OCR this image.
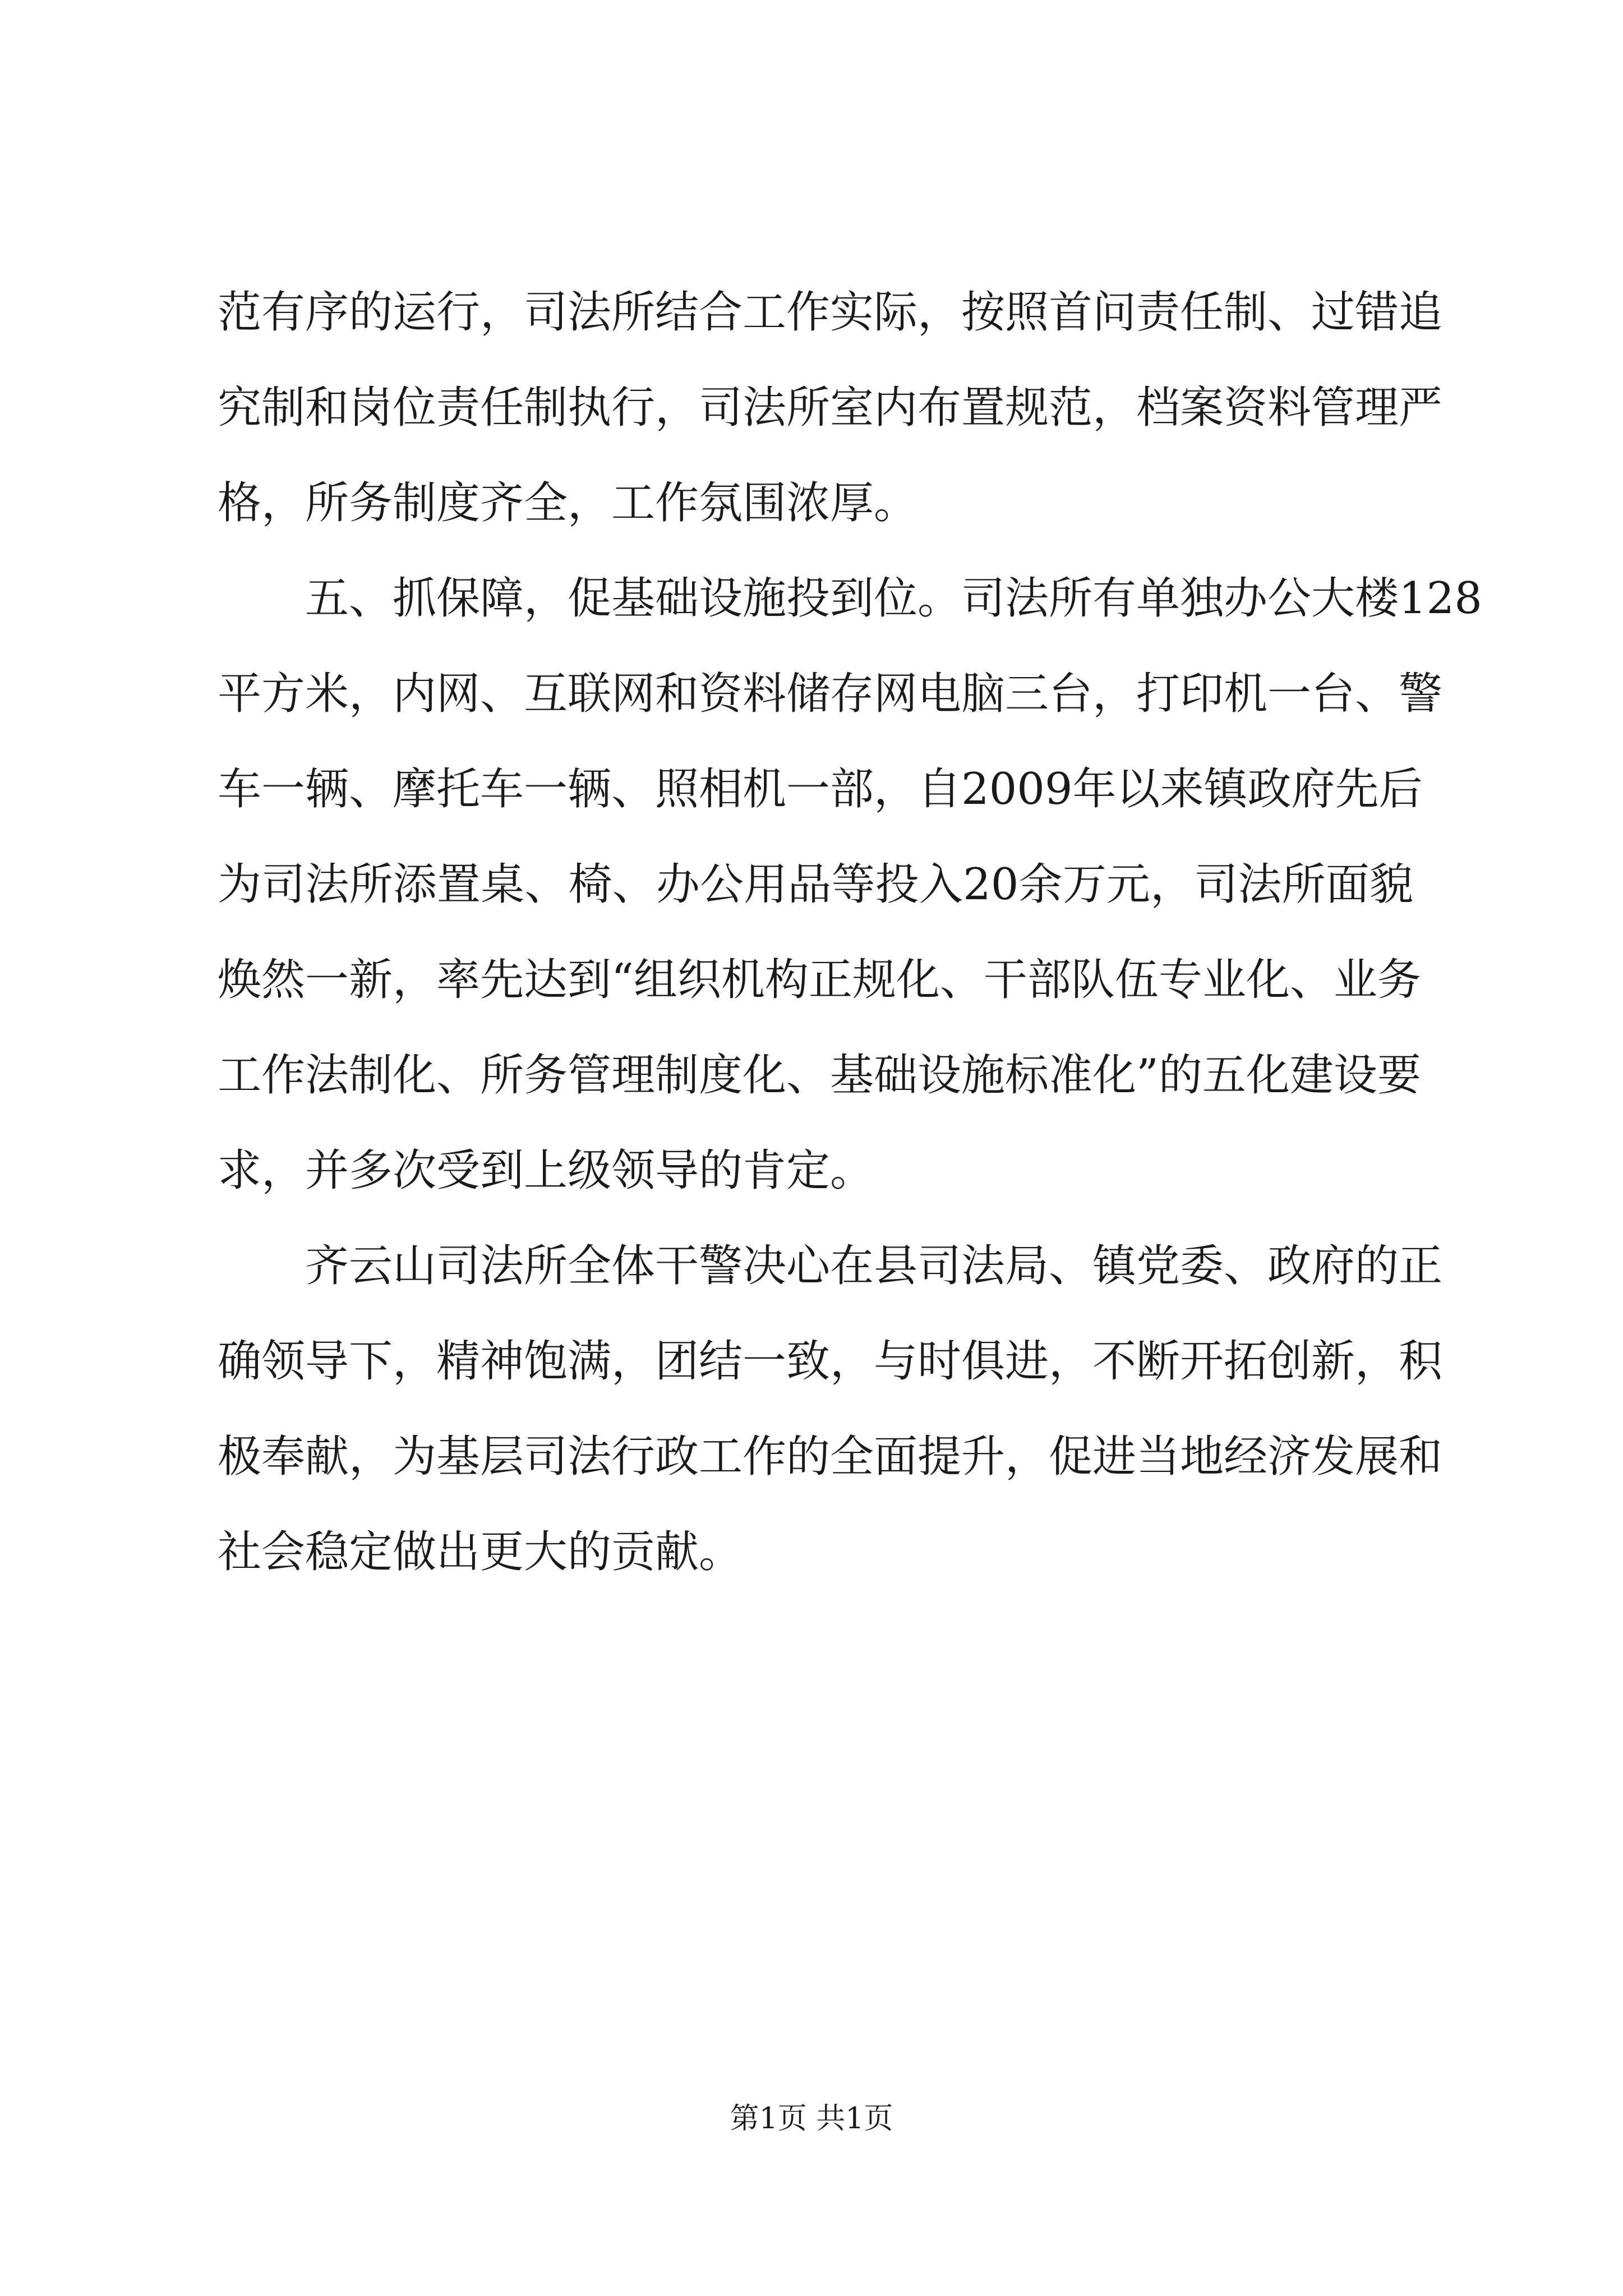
范有序的运行，司法所结合工作实际，按照首问责任制、过错追
究制和岗位责任制执行，司法所室内布置规范，档案资料管理严
格，所务制度齐全，工作氛围浓厚。
　　五、抓保障，促基础设施投到位。司法所有单独办公大楼128
平方米，内网、互联网和资料储存网电脑三台，打印机一台、警
车一辆、摩托车一辆、照相机一部，自2009年以来镇政府先后
为司法所添置桌、椅、办公用品等投入20余万元，司法所面貌
焕然一新，率先达到“组织机构正规化、干部队伍专业化、业务
工作法制化、所务管理制度化、基础设施标准化”的五化建设要
求，并多次受到上级领导的肯定。
　　齐云山司法所全体干警决心在县司法局、镇党委、政府的正
确领导下，精神饱满，团结一致，与时俱进，不断开拓创新，积
极奉献，为基层司法行政工作的全面提升，促进当地经济发展和
社会稳定做出更大的贡献。
第1页 共1页
